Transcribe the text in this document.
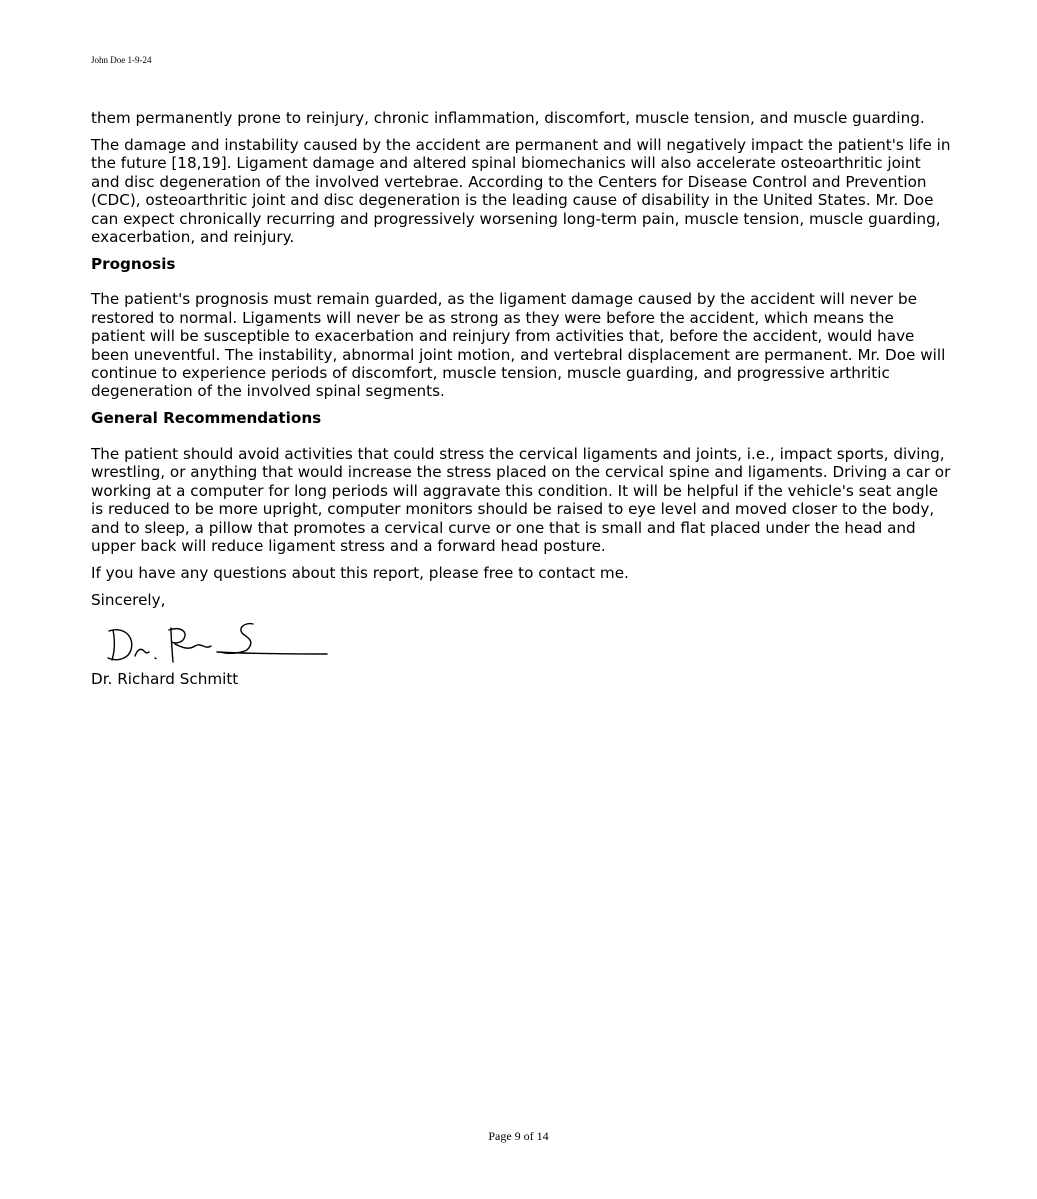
John Doe 1-9-24

them permanently prone to reinjury, chronic inflammation, discomfort, muscle tension, and muscle guarding.

The damage and instability caused by the accident are permanent and will negatively impact the patient's life in the future [18,19]. Ligament damage and altered spinal biomechanics will also accelerate osteoarthritic joint and disc degeneration of the involved vertebrae. According to the Centers for Disease Control and Prevention (CDC), osteoarthritic joint and disc degeneration is the leading cause of disability in the United States. Mr. Doe can expect chronically recurring and progressively worsening long-term pain, muscle tension, muscle guarding, exacerbation, and reinjury.

Prognosis

The patient's prognosis must remain guarded, as the ligament damage caused by the accident will never be restored to normal. Ligaments will never be as strong as they were before the accident, which means the patient will be susceptible to exacerbation and reinjury from activities that, before the accident, would have been uneventful. The instability, abnormal joint motion, and vertebral displacement are permanent. Mr. Doe will continue to experience periods of discomfort, muscle tension, muscle guarding, and progressive arthritic degeneration of the involved spinal segments.

General Recommendations

The patient should avoid activities that could stress the cervical ligaments and joints, i.e., impact sports, diving, wrestling, or anything that would increase the stress placed on the cervical spine and ligaments. Driving a car or working at a computer for long periods will aggravate this condition. It will be helpful if the vehicle's seat angle is reduced to be more upright, computer monitors should be raised to eye level and moved closer to the body, and to sleep, a pillow that promotes a cervical curve or one that is small and flat placed under the head and upper back will reduce ligament stress and a forward head posture.

If you have any questions about this report, please free to contact me.

Sincerely,

Dr. R. S.

Dr. Richard Schmitt

Page 9 of 14
